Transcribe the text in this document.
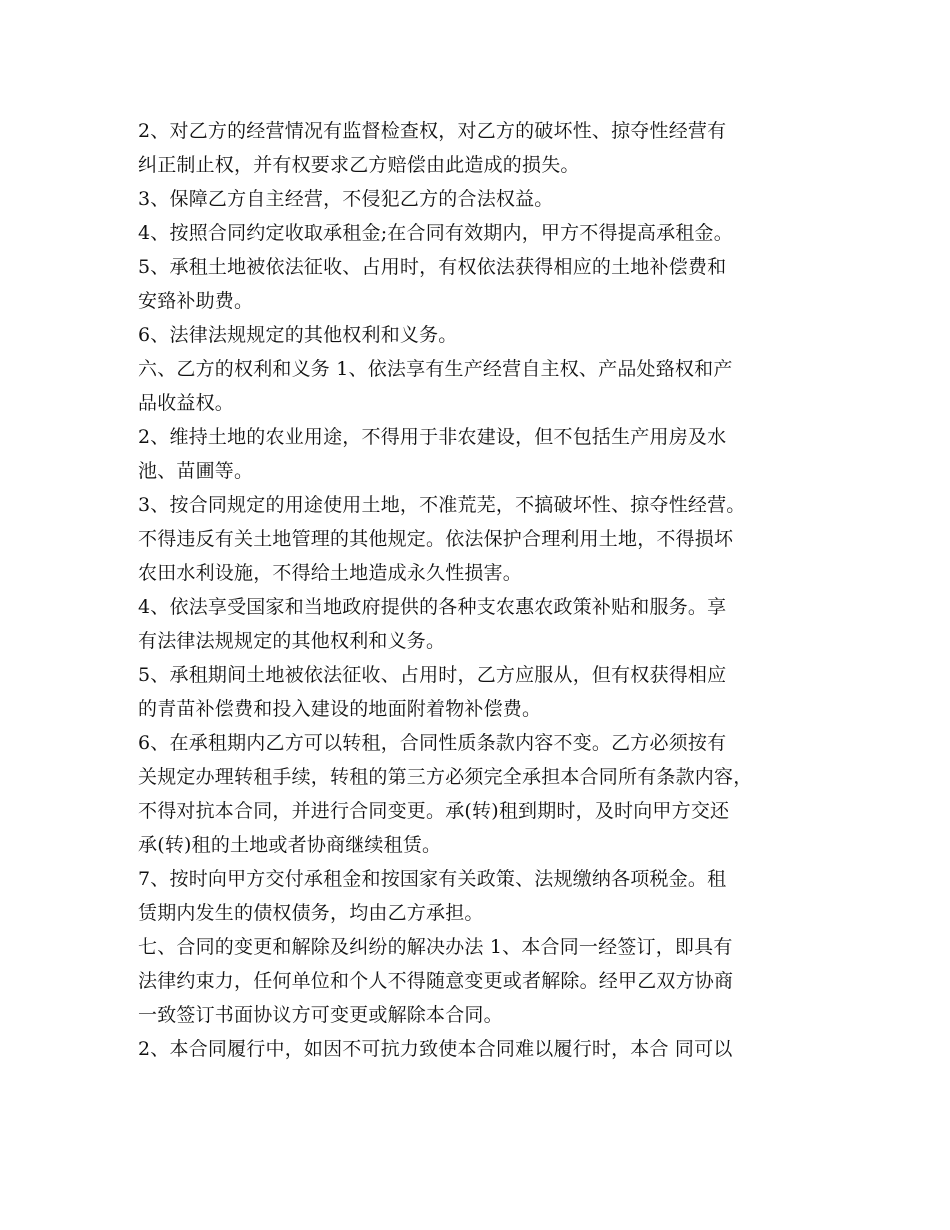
2、对乙方的经营情况有监督检查权，对乙方的破坏性、掠夺性经营有
纠正制止权，并有权要求乙方赔偿由此造成的损失。
3、保障乙方自主经营，不侵犯乙方的合法权益。
4、按照合同约定收取承租金;在合同有效期内，甲方不得提高承租金。
5、承租土地被依法征收、占用时，有权依法获得相应的土地补偿费和
安臵补助费。
6、法律法规规定的其他权利和义务。
六、乙方的权利和义务 1、依法享有生产经营自主权、产品处臵权和产
品收益权。
2、维持土地的农业用途，不得用于非农建设，但不包括生产用房及水
池、苗圃等。
3、按合同规定的用途使用土地，不准荒芜，不搞破坏性、掠夺性经营。
不得违反有关土地管理的其他规定。依法保护合理利用土地，不得损坏
农田水利设施，不得给土地造成永久性损害。
4、依法享受国家和当地政府提供的各种支农惠农政策补贴和服务。享
有法律法规规定的其他权利和义务。
5、承租期间土地被依法征收、占用时，乙方应服从，但有权获得相应
的青苗补偿费和投入建设的地面附着物补偿费。
6、在承租期内乙方可以转租，合同性质条款内容不变。乙方必须按有
关规定办理转租手续，转租的第三方必须完全承担本合同所有条款内容，
不得对抗本合同，并进行合同变更。承(转)租到期时，及时向甲方交还
承(转)租的土地或者协商继续租赁。
7、按时向甲方交付承租金和按国家有关政策、法规缴纳各项税金。租
赁期内发生的债权债务，均由乙方承担。
七、合同的变更和解除及纠纷的解决办法 1、本合同一经签订，即具有
法律约束力，任何单位和个人不得随意变更或者解除。经甲乙双方协商
一致签订书面协议方可变更或解除本合同。
2、本合同履行中，如因不可抗力致使本合同难以履行时，本合 同可以
